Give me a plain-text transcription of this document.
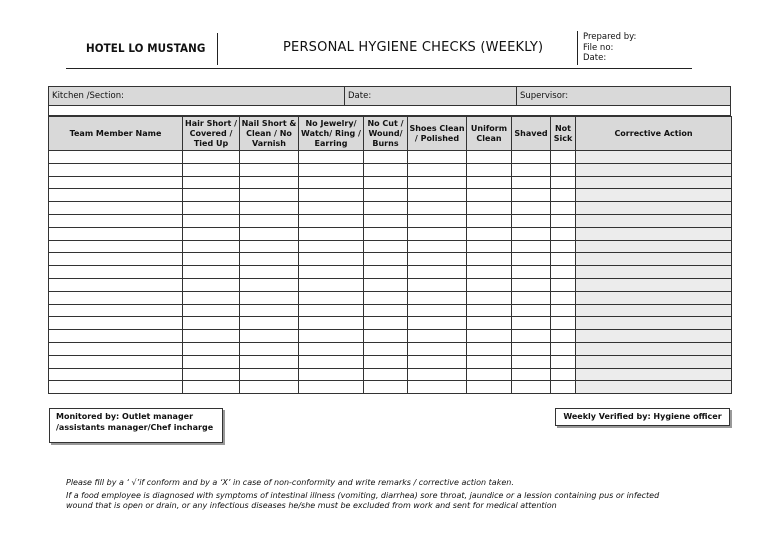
HOTEL LO MUSTANG	PERSONAL HYGIENE CHECKS (WEEKLY)
Prepared by:
File no:
Date:
Kitchen /Section:	Date:	Supervisor:
Team Member Name	Hair Short / Covered / Tied Up	Nail Short & Clean / No Varnish	No Jewelry/ Watch/ Ring / Earring	No Cut / Wound/ Burns	Shoes Clean / Polished	Uniform Clean	Shaved	Not Sick	Corrective Action

Monitored by: Outlet manager
/assistants manager/Chef incharge
Weekly Verified by: Hygiene officer
Please fill by a ‘ √’if conform and by a ‘X’ in case of non-conformity and write remarks / corrective action taken.
If a food employee is diagnosed with symptoms of intestinal illness (vomiting, diarrhea) sore throat, jaundice or a lession containing pus or infected
wound that is open or drain, or any infectious diseases he/she must be excluded from work and sent for medical attention
